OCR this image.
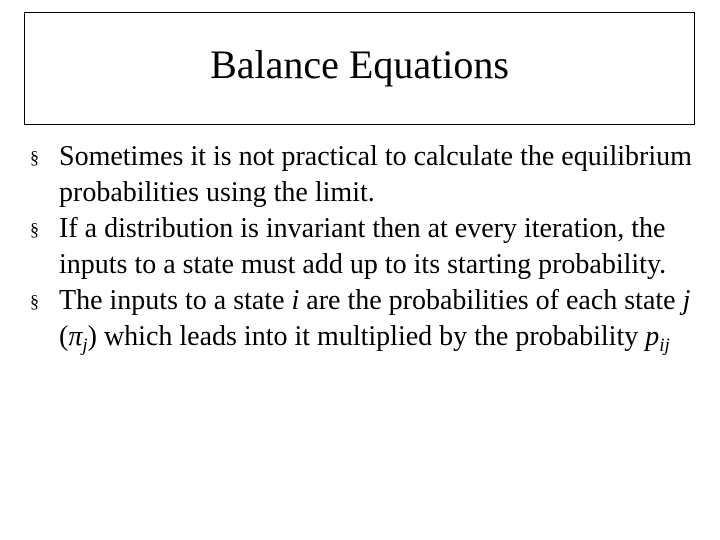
Balance Equations
§ Sometimes it is not practical to calculate the equilibrium probabilities using the limit.
§ If a distribution is invariant then at every iteration, the inputs to a state must add up to its starting probability.
§ The inputs to a state i are the probabilities of each state j $(\pi_j)$ which leads into it multiplied by the probability $p_{ij}$
